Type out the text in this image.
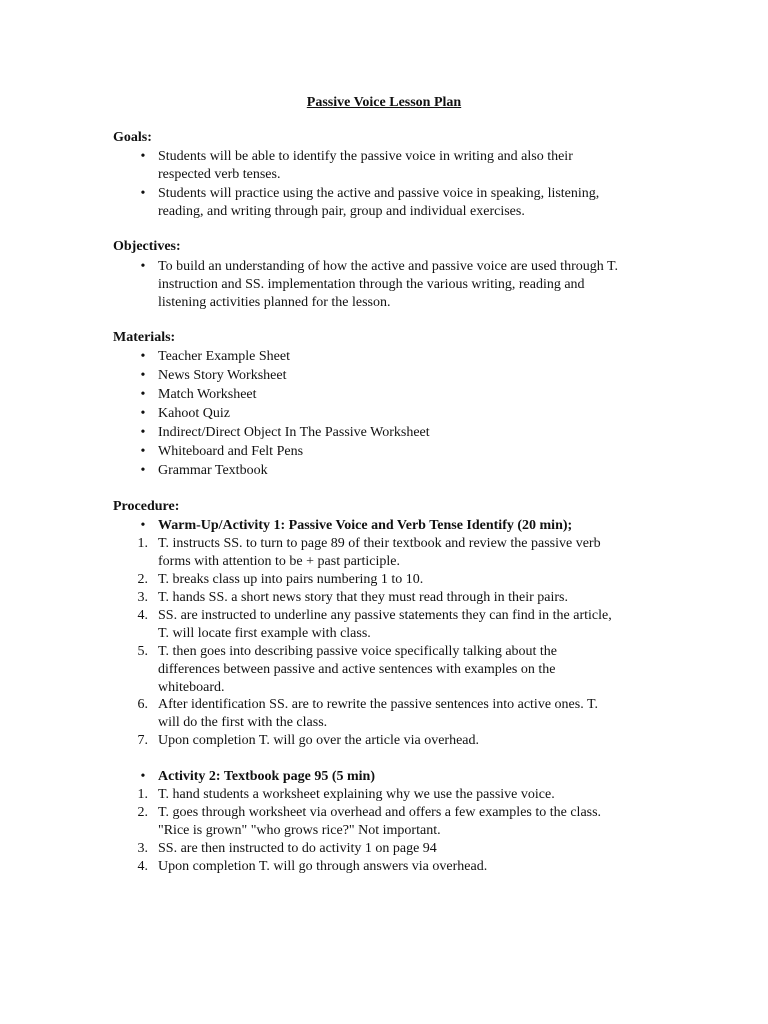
Passive Voice Lesson Plan
Goals:
• Students will be able to identify the passive voice in writing and also their
respected verb tenses.
• Students will practice using the active and passive voice in speaking, listening,
reading, and writing through pair, group and individual exercises.
Objectives:
• To build an understanding of how the active and passive voice are used through T.
instruction and SS. implementation through the various writing, reading and
listening activities planned for the lesson.
Materials:
• Teacher Example Sheet
• News Story Worksheet
• Match Worksheet
• Kahoot Quiz
• Indirect/Direct Object In The Passive Worksheet
• Whiteboard and Felt Pens
• Grammar Textbook
Procedure:
• Warm-Up/Activity 1: Passive Voice and Verb Tense Identify (20 min);
1. T. instructs SS. to turn to page 89 of their textbook and review the passive verb
forms with attention to be + past participle.
2. T. breaks class up into pairs numbering 1 to 10.
3. T. hands SS. a short news story that they must read through in their pairs.
4. SS. are instructed to underline any passive statements they can find in the article,
T. will locate first example with class.
5. T. then goes into describing passive voice specifically talking about the
differences between passive and active sentences with examples on the
whiteboard.
6. After identification SS. are to rewrite the passive sentences into active ones. T.
will do the first with the class.
7. Upon completion T. will go over the article via overhead.
• Activity 2: Textbook page 95 (5 min)
1. T. hand students a worksheet explaining why we use the passive voice.
2. T. goes through worksheet via overhead and offers a few examples to the class.
"Rice is grown" "who grows rice?" Not important.
3. SS. are then instructed to do activity 1 on page 94
4. Upon completion T. will go through answers via overhead.
